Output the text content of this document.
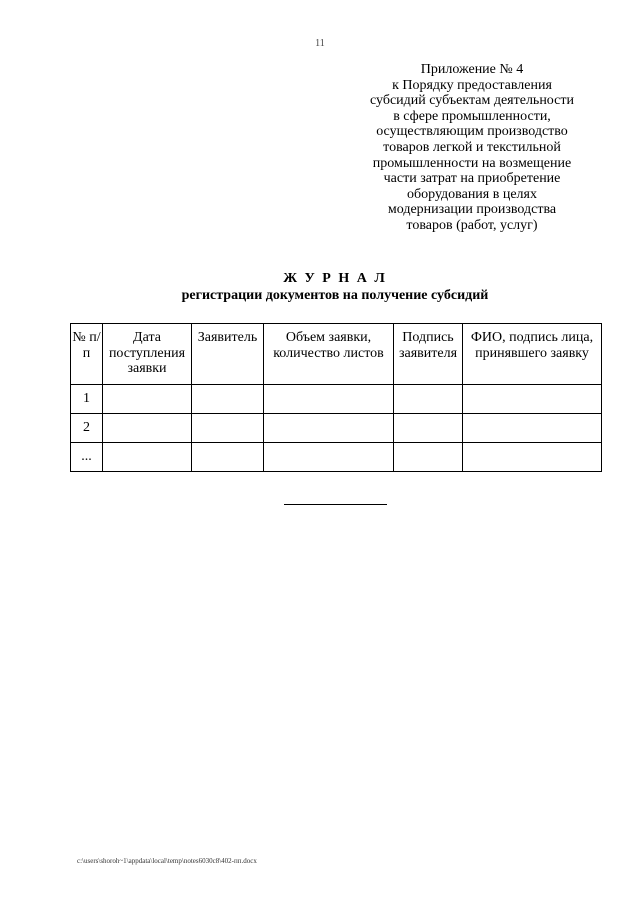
11
Приложение № 4
к Порядку предоставления
субсидий субъектам деятельности
в сфере промышленности,
осуществляющим производство
товаров легкой и текстильной
промышленности на возмещение
части затрат на приобретение
оборудования в целях
модернизации производства
товаров (работ, услуг)
Ж У Р Н А Л
регистрации документов на получение субсидий
№ п/п	Дата поступления заявки	Заявитель	Объем заявки, количество листов	Подпись заявителя	ФИО, подпись лица, принявшего заявку
1					
2					
...					
c:\users\shoroh~1\appdata\local\temp\notes6030c8\402-пп.docx
